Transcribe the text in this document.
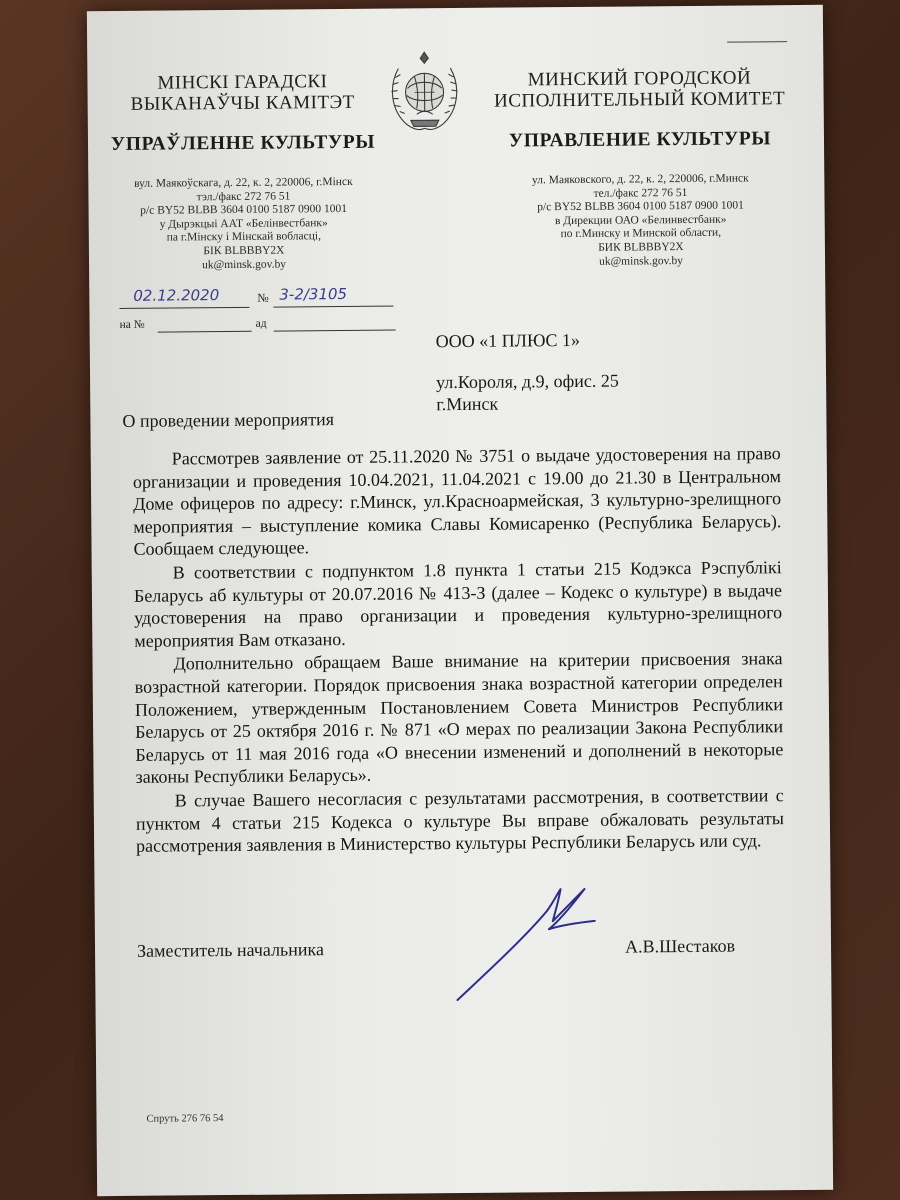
МІНСКІ ГАРАДСКІ
ВЫКАНАЎЧЫ КАМІТЭТ
УПРАЎЛЕННЕ КУЛЬТУРЫ
вул. Маякоўскага, д. 22, к. 2, 220006, г.Мінск
тэл./факс 272 76 51
р/с BY52 BLBB 3604 0100 5187 0900 1001
у Дырэкцыі ААТ «Белінвестбанк»
па г.Мінску і Мінскай вобласці,
БІК BLBBBY2X
uk@minsk.gov.by
МИНСКИЙ ГОРОДСКОЙ
ИСПОЛНИТЕЛЬНЫЙ КОМИТЕТ
УПРАВЛЕНИЕ КУЛЬТУРЫ
ул. Маяковского, д. 22, к. 2, 220006, г.Минск
тел./факс 272 76 51
р/с BY52 BLBB 3604 0100 5187 0900 1001
в Дирекции ОАО «Белинвестбанк»
по г.Минску и Минской области,
БИК BLBBBY2X
uk@minsk.gov.by
02.12.2020	№ 3-2/3105
на №	ад
ООО «1 ПЛЮС 1»
ул.Короля, д.9, офис. 25
г.Минск
О проведении мероприятия

Рассмотрев заявление от 25.11.2020 № 3751 о выдаче удостоверения на право организации и проведения 10.04.2021, 11.04.2021 с 19.00 до 21.30 в Центральном Доме офицеров по адресу: г.Минск, ул.Красноармейская, 3 культурно-зрелищного мероприятия – выступление комика Славы Комисаренко (Республика Беларусь). Сообщаем следующее.

В соответствии с подпунктом 1.8 пункта 1 статьи 215 Кодэкса Рэспублікі Беларусь аб культуры от 20.07.2016 № 413-З (далее – Кодекс о культуре) в выдаче удостоверения на право организации и проведения культурно-зрелищного мероприятия Вам отказано.

Дополнительно обращаем Ваше внимание на критерии присвоения знака возрастной категории. Порядок присвоения знака возрастной категории определен Положением, утвержденным Постановлением Совета Министров Республики Беларусь от 25 октября 2016 г. № 871 «О мерах по реализации Закона Республики Беларусь от 11 мая 2016 года «О внесении изменений и дополнений в некоторые законы Республики Беларусь».

В случае Вашего несогласия с результатами рассмотрения, в соответствии с пунктом 4 статьи 215 Кодекса о культуре Вы вправе обжаловать результаты рассмотрения заявления в Министерство культуры Республики Беларусь или суд.

Заместитель начальника	А.В.Шестаков
Спруть 276 76 54
